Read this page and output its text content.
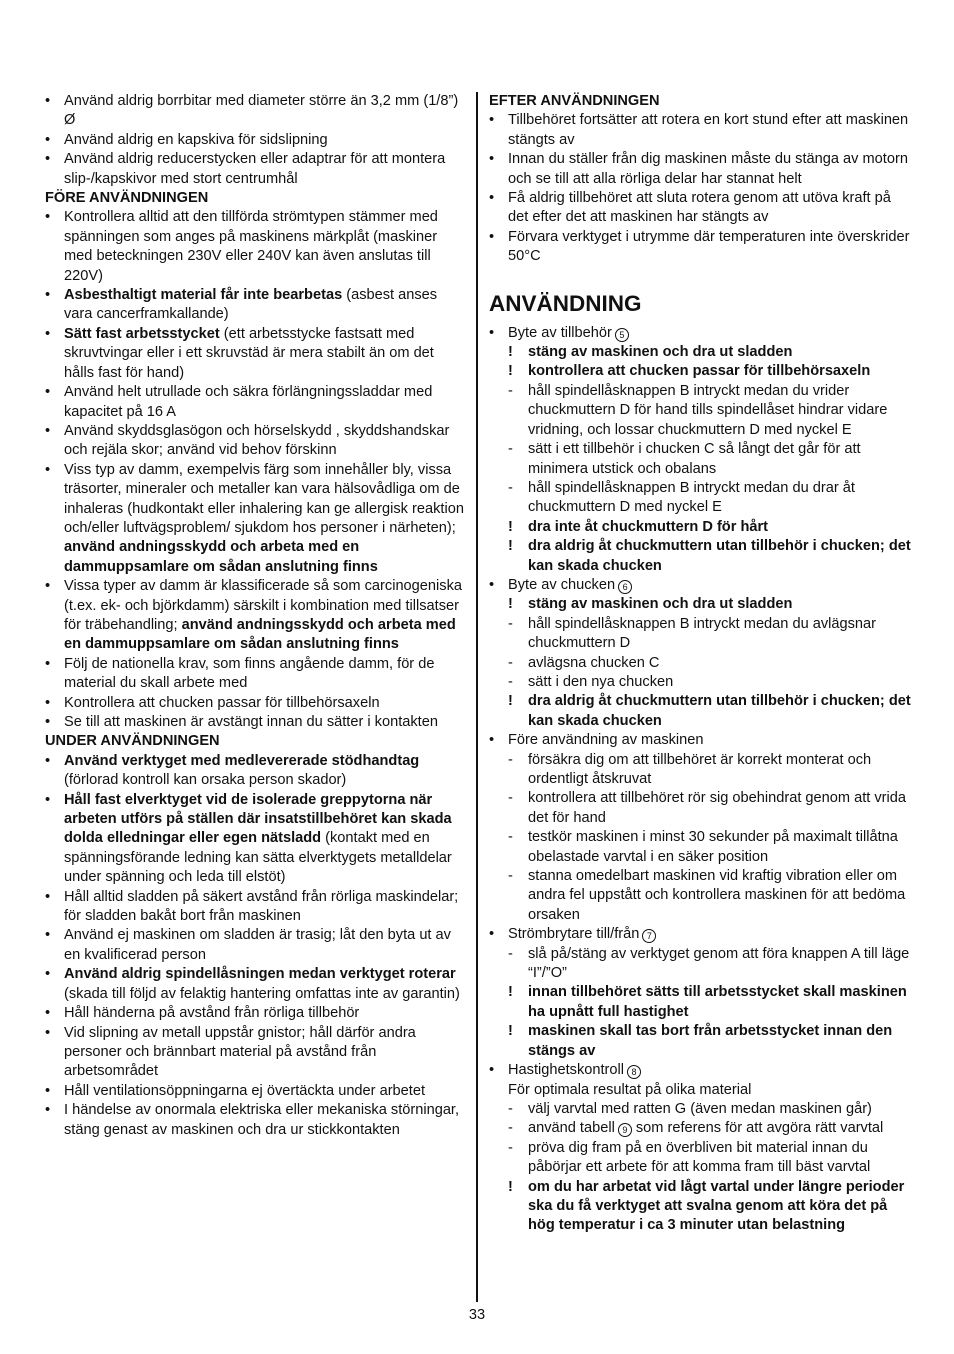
• Använd aldrig borrbitar med diameter större än 3,2 mm (1/8”) Ø
• Använd aldrig en kapskiva för sidslipning
• Använd aldrig reducerstycken eller adaptrar för att montera slip-/kapskivor med stort centrumhål
FÖRE ANVÄNDNINGEN
• Kontrollera alltid att den tillförda strömtypen stämmer med spänningen som anges på maskinens märkplåt (maskiner med beteckningen 230V eller 240V kan även anslutas till 220V)
• Asbesthaltigt material får inte bearbetas (asbest anses vara cancerframkallande)
• Sätt fast arbetsstycket (ett arbetsstycke fastsatt med skruvtvingar eller i ett skruvstäd är mera stabilt än om det hålls fast för hand)
• Använd helt utrullade och säkra förlängningssladdar med kapacitet på 16 A
• Använd skyddsglasögon och hörselskydd , skyddshandskar och rejäla skor; använd vid behov förskinn
• Viss typ av damm, exempelvis färg som innehåller bly, vissa träsorter, mineraler och metaller kan vara hälsovådliga om de inhaleras (hudkontakt eller inhalering kan ge allergisk reaktion och/eller luftvägsproblem/ sjukdom hos personer i närheten); använd andningsskydd och arbeta med en dammuppsamlare om sådan anslutning finns
• Vissa typer av damm är klassificerade så som carcinogeniska (t.ex. ek- och björkdamm) särskilt i kombination med tillsatser för träbehandling; använd andningsskydd och arbeta med en dammuppsamlare om sådan anslutning finns
• Följ de nationella krav, som finns angående damm, för de material du skall arbete med
• Kontrollera att chucken passar för tillbehörsaxeln
• Se till att maskinen är avstängt innan du sätter i kontakten
UNDER ANVÄNDNINGEN
• Använd verktyget med medlevererade stödhandtag (förlorad kontroll kan orsaka person skador)
• Håll fast elverktyget vid de isolerade greppytorna när arbeten utförs på ställen där insatstillbehöret kan skada dolda elledningar eller egen nätsladd (kontakt med en spänningsförande ledning kan sätta elverktygets metalldelar under spänning och leda till elstöt)
• Håll alltid sladden på säkert avstånd från rörliga maskindelar; för sladden bakåt bort från maskinen
• Använd ej maskinen om sladden är trasig; låt den byta ut av en kvalificerad person
• Använd aldrig spindellåsningen medan verktyget roterar (skada till följd av felaktig hantering omfattas inte av garantin)
• Håll händerna på avstånd från rörliga tillbehör
• Vid slipning av metall uppstår gnistor; håll därför andra personer och brännbart material på avstånd från arbetsområdet
• Håll ventilationsöppningarna ej övertäckta under arbetet
• I händelse av onormala elektriska eller mekaniska störningar, stäng genast av maskinen och dra ur stickkontakten
EFTER ANVÄNDNINGEN
• Tillbehöret fortsätter att rotera en kort stund efter att maskinen stängts av
• Innan du ställer från dig maskinen måste du stänga av motorn och se till att alla rörliga delar har stannat helt
• Få aldrig tillbehöret att sluta rotera genom att utöva kraft på det efter det att maskinen har stängts av
• Förvara verktyget i utrymme där temperaturen inte överskrider 50°C
ANVÄNDNING
• Byte av tillbehör 5
! stäng av maskinen och dra ut sladden
! kontrollera att chucken passar för tillbehörsaxeln
- håll spindellåsknappen B intryckt medan du vrider chuckmuttern D för hand tills spindellåset hindrar vidare vridning, och lossar chuckmuttern D med nyckel E
- sätt i ett tillbehör i chucken C så långt det går för att minimera utstick och obalans
- håll spindellåsknappen B intryckt medan du drar åt chuckmuttern D med nyckel E
! dra inte åt chuckmuttern D för hårt
! dra aldrig åt chuckmuttern utan tillbehör i chucken; det kan skada chucken
• Byte av chucken 6
! stäng av maskinen och dra ut sladden
- håll spindellåsknappen B intryckt medan du avlägsnar chuckmuttern D
- avlägsna chucken C
- sätt i den nya chucken
! dra aldrig åt chuckmuttern utan tillbehör i chucken; det kan skada chucken
• Före användning av maskinen
- försäkra dig om att tillbehöret är korrekt monterat och ordentligt åtskruvat
- kontrollera att tillbehöret rör sig obehindrat genom att vrida det för hand
- testkör maskinen i minst 30 sekunder på maximalt tillåtna obelastade varvtal i en säker position
- stanna omedelbart maskinen vid kraftig vibration eller om andra fel uppstått och kontrollera maskinen för att bedöma orsaken
• Strömbrytare till/från 7
- slå på/stäng av verktyget genom att föra knappen A till läge “I”/”O”
! innan tillbehöret sätts till arbetsstycket skall maskinen ha upnått full hastighet
! maskinen skall tas bort från arbetsstycket innan den stängs av
• Hastighetskontroll 8
För optimala resultat på olika material
- välj varvtal med ratten G (även medan maskinen går)
- använd tabell 9 som referens för att avgöra rätt varvtal
- pröva dig fram på en överbliven bit material innan du påbörjar ett arbete för att komma fram till bäst varvtal
! om du har arbetat vid lågt vartal under längre perioder ska du få verktyget att svalna genom att köra det på hög temperatur i ca 3 minuter utan belastning
33
